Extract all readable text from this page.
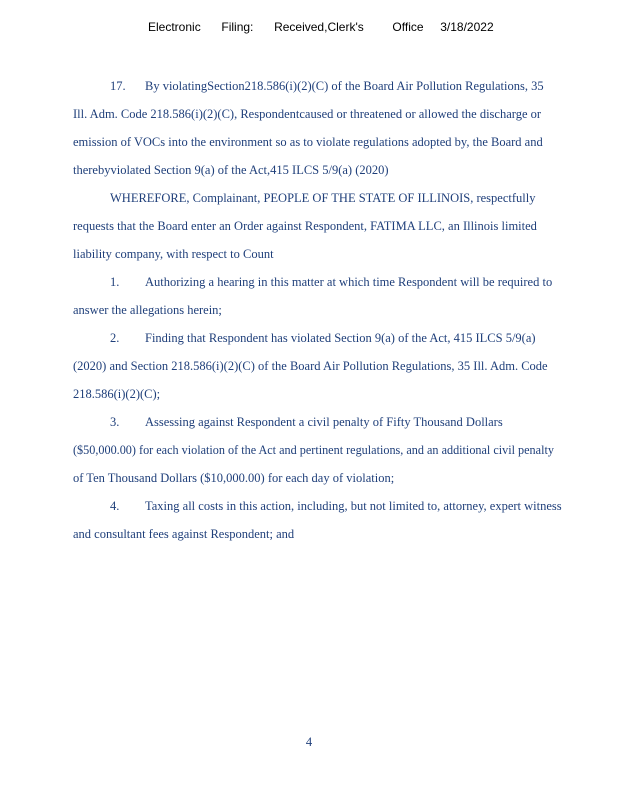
Electronic Filing: Received,Clerk's Office 3/18/2022
17. By violatingSection218.586(i)(2)(C) of the Board Air Pollution Regulations, 35
Ill. Adm. Code 218.586(i)(2)(C), Respondentcaused or threatened or allowed the discharge or
emission of VOCs into the environment so as to violate regulations adopted by, the Board and
therebyviolated Section 9(a) of the Act,415 ILCS 5/9(a) (2020)
WHEREFORE, Complainant, PEOPLE OF THE STATE OF ILLINOIS, respectfully
requests that the Board enter an Order against Respondent, FATIMA LLC, an Illinois limited
liability company, with respect to Count
1. Authorizing a hearing in this matter at which time Respondent will be required to
answer the allegations herein;
2. Finding that Respondent has violated Section 9(a) of the Act, 415 ILCS 5/9(a)
(2020) and Section 218.586(i)(2)(C) of the Board Air Pollution Regulations, 35 Ill. Adm. Code
218.586(i)(2)(C);
3. Assessing against Respondent a civil penalty of Fifty Thousand Dollars
($50,000.00) for each violation of the Act and pertinent regulations, and an additional civil penalty
of Ten Thousand Dollars ($10,000.00) for each day of violation;
4. Taxing all costs in this action, including, but not limited to, attorney, expert witness
and consultant fees against Respondent; and
4
